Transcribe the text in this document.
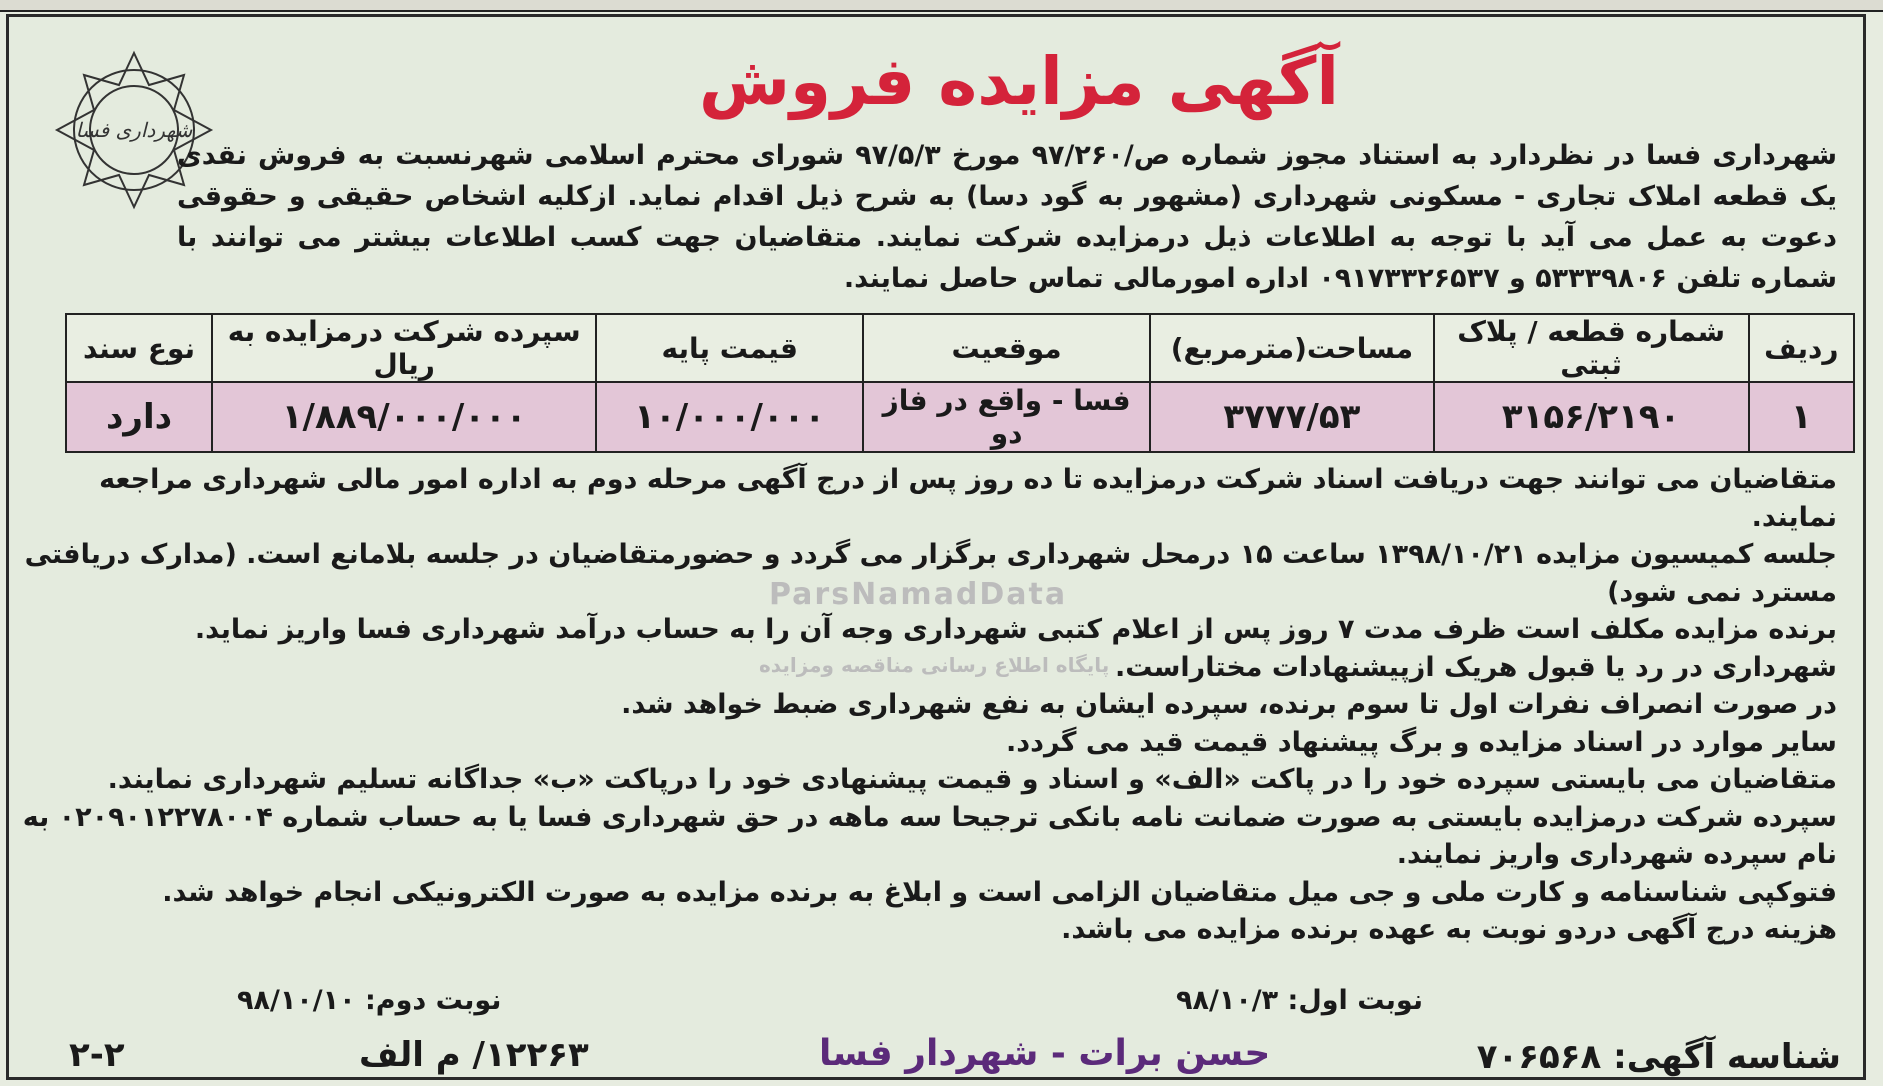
شهرداری فسا
آگهی مزایده فروش
شهرداری فسا در نظردارد به استناد مجوز شماره ص/۹۷/۲۶۰ مورخ ۹۷/۵/۳ شورای محترم اسلامی شهرنسبت به فروش نقدی یک قطعه املاک تجاری - مسکونی شهرداری (مشهور به گود دسا) به شرح ذیل اقدام نماید. ازکلیه اشخاص حقیقی و حقوقی دعوت به عمل می آید با توجه به اطلاعات ذیل درمزایده شرکت نمایند. متقاضیان جهت کسب اطلاعات بیشتر می توانند با شماره تلفن ۵۳۳۳۹۸۰۶ و ۰۹۱۷۳۳۲۶۵۳۷ اداره امورمالی تماس حاصل نمایند.
ردیف	شماره قطعه / پلاک ثبتی	مساحت(مترمربع)	موقعیت	قیمت پایه	سپرده شرکت درمزایده به ریال	نوع سند
۱	۳۱۵۶/۲۱۹۰	۳۷۷۷/۵۳	فسا - واقع در فاز دو	۱۰/۰۰۰/۰۰۰	۱/۸۸۹/۰۰۰/۰۰۰	دارد

متقاضیان می توانند جهت دریافت اسناد شرکت درمزایده تا ده روز پس از درج آگهی مرحله دوم به اداره امور مالی شهرداری مراجعه نمایند.

جلسه کمیسیون مزایده ۱۳۹۸/۱۰/۲۱ ساعت ۱۵ درمحل شهرداری برگزار می گردد و حضورمتقاضیان در جلسه بلامانع است. (مدارک دریافتی مسترد نمی شود)

برنده مزایده مکلف است ظرف مدت ۷ روز پس از اعلام کتبی شهرداری وجه آن را به حساب درآمد شهرداری فسا واریز نماید.

شهرداری در رد یا قبول هریک ازپیشنهادات مختاراست.

در صورت انصراف نفرات اول تا سوم برنده، سپرده ایشان به نفع شهرداری ضبط خواهد شد.

سایر موارد در اسناد مزایده و برگ پیشنهاد قیمت قید می گردد.

متقاضیان می بایستی سپرده خود را در پاکت «الف» و اسناد و قیمت پیشنهادی خود را درپاکت «ب» جداگانه تسلیم شهرداری نمایند.

سپرده شرکت درمزایده بایستی به صورت ضمانت نامه بانکی ترجیحا سه ماهه در حق شهرداری فسا یا به حساب شماره ۰۲۰۹۰۱۲۲۷۸۰۰۴ به نام سپرده شهرداری واریز نمایند.

فتوکپی شناسنامه و کارت ملی و جی میل متقاضیان الزامی است و ابلاغ به برنده مزایده به صورت الکترونیکی انجام خواهد شد.

هزینه درج آگهی دردو نوبت به عهده برنده مزایده می باشد.

ParsNamadData
پایگاه اطلاع رسانی مناقصه ومزایده
نوبت اول: ۹۸/۱۰/۳
نوبت دوم: ۹۸/۱۰/۱۰
شناسه آگهی: ۷۰۶۵۶۸
حسن برات - شهردار فسا
۱۲۲۶۳/ م الف
۲-۲
